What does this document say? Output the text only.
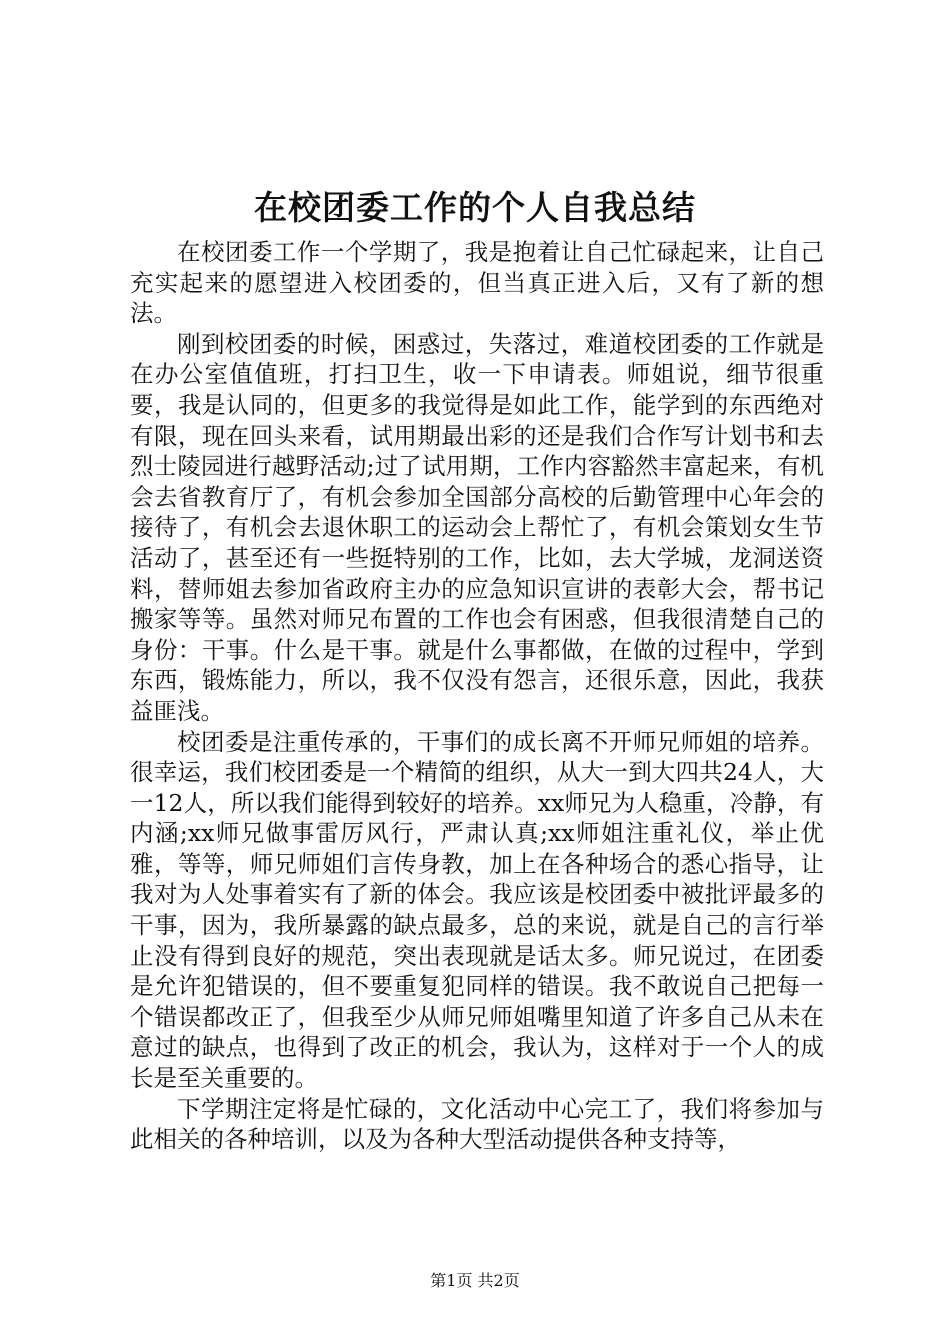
在校团委工作的个人自我总结

在校团委工作一个学期了，我是抱着让自己忙碌起来，让自己充实起来的愿望进入校团委的，但当真正进入后，又有了新的想法。

刚到校团委的时候，困惑过，失落过，难道校团委的工作就是在办公室值值班，打扫卫生，收一下申请表。师姐说，细节很重要，我是认同的，但更多的我觉得是如此工作，能学到的东西绝对有限，现在回头来看，试用期最出彩的还是我们合作写计划书和去烈士陵园进行越野活动;过了试用期，工作内容豁然丰富起来，有机会去省教育厅了，有机会参加全国部分高校的后勤管理中心年会的接待了，有机会去退休职工的运动会上帮忙了，有机会策划女生节活动了，甚至还有一些挺特别的工作，比如，去大学城，龙洞送资料，替师姐去参加省政府主办的应急知识宣讲的表彰大会，帮书记搬家等等。虽然对师兄布置的工作也会有困惑，但我很清楚自己的身份：干事。什么是干事。就是什么事都做，在做的过程中，学到东西，锻炼能力，所以，我不仅没有怨言，还很乐意，因此，我获益匪浅。

校团委是注重传承的，干事们的成长离不开师兄师姐的培养。很幸运，我们校团委是一个精简的组织，从大一到大四共24人，大一12人，所以我们能得到较好的培养。xx师兄为人稳重，冷静，有内涵;xx师兄做事雷厉风行，严肃认真;xx师姐注重礼仪，举止优雅，等等，师兄师姐们言传身教，加上在各种场合的悉心指导，让我对为人处事着实有了新的体会。我应该是校团委中被批评最多的干事，因为，我所暴露的缺点最多，总的来说，就是自己的言行举止没有得到良好的规范，突出表现就是话太多。师兄说过，在团委是允许犯错误的，但不要重复犯同样的错误。我不敢说自己把每一个错误都改正了，但我至少从师兄师姐嘴里知道了许多自己从未在意过的缺点，也得到了改正的机会，我认为，这样对于一个人的成长是至关重要的。

下学期注定将是忙碌的，文化活动中心完工了，我们将参加与此相关的各种培训，以及为各种大型活动提供各种支持等，

第1页 共2页
